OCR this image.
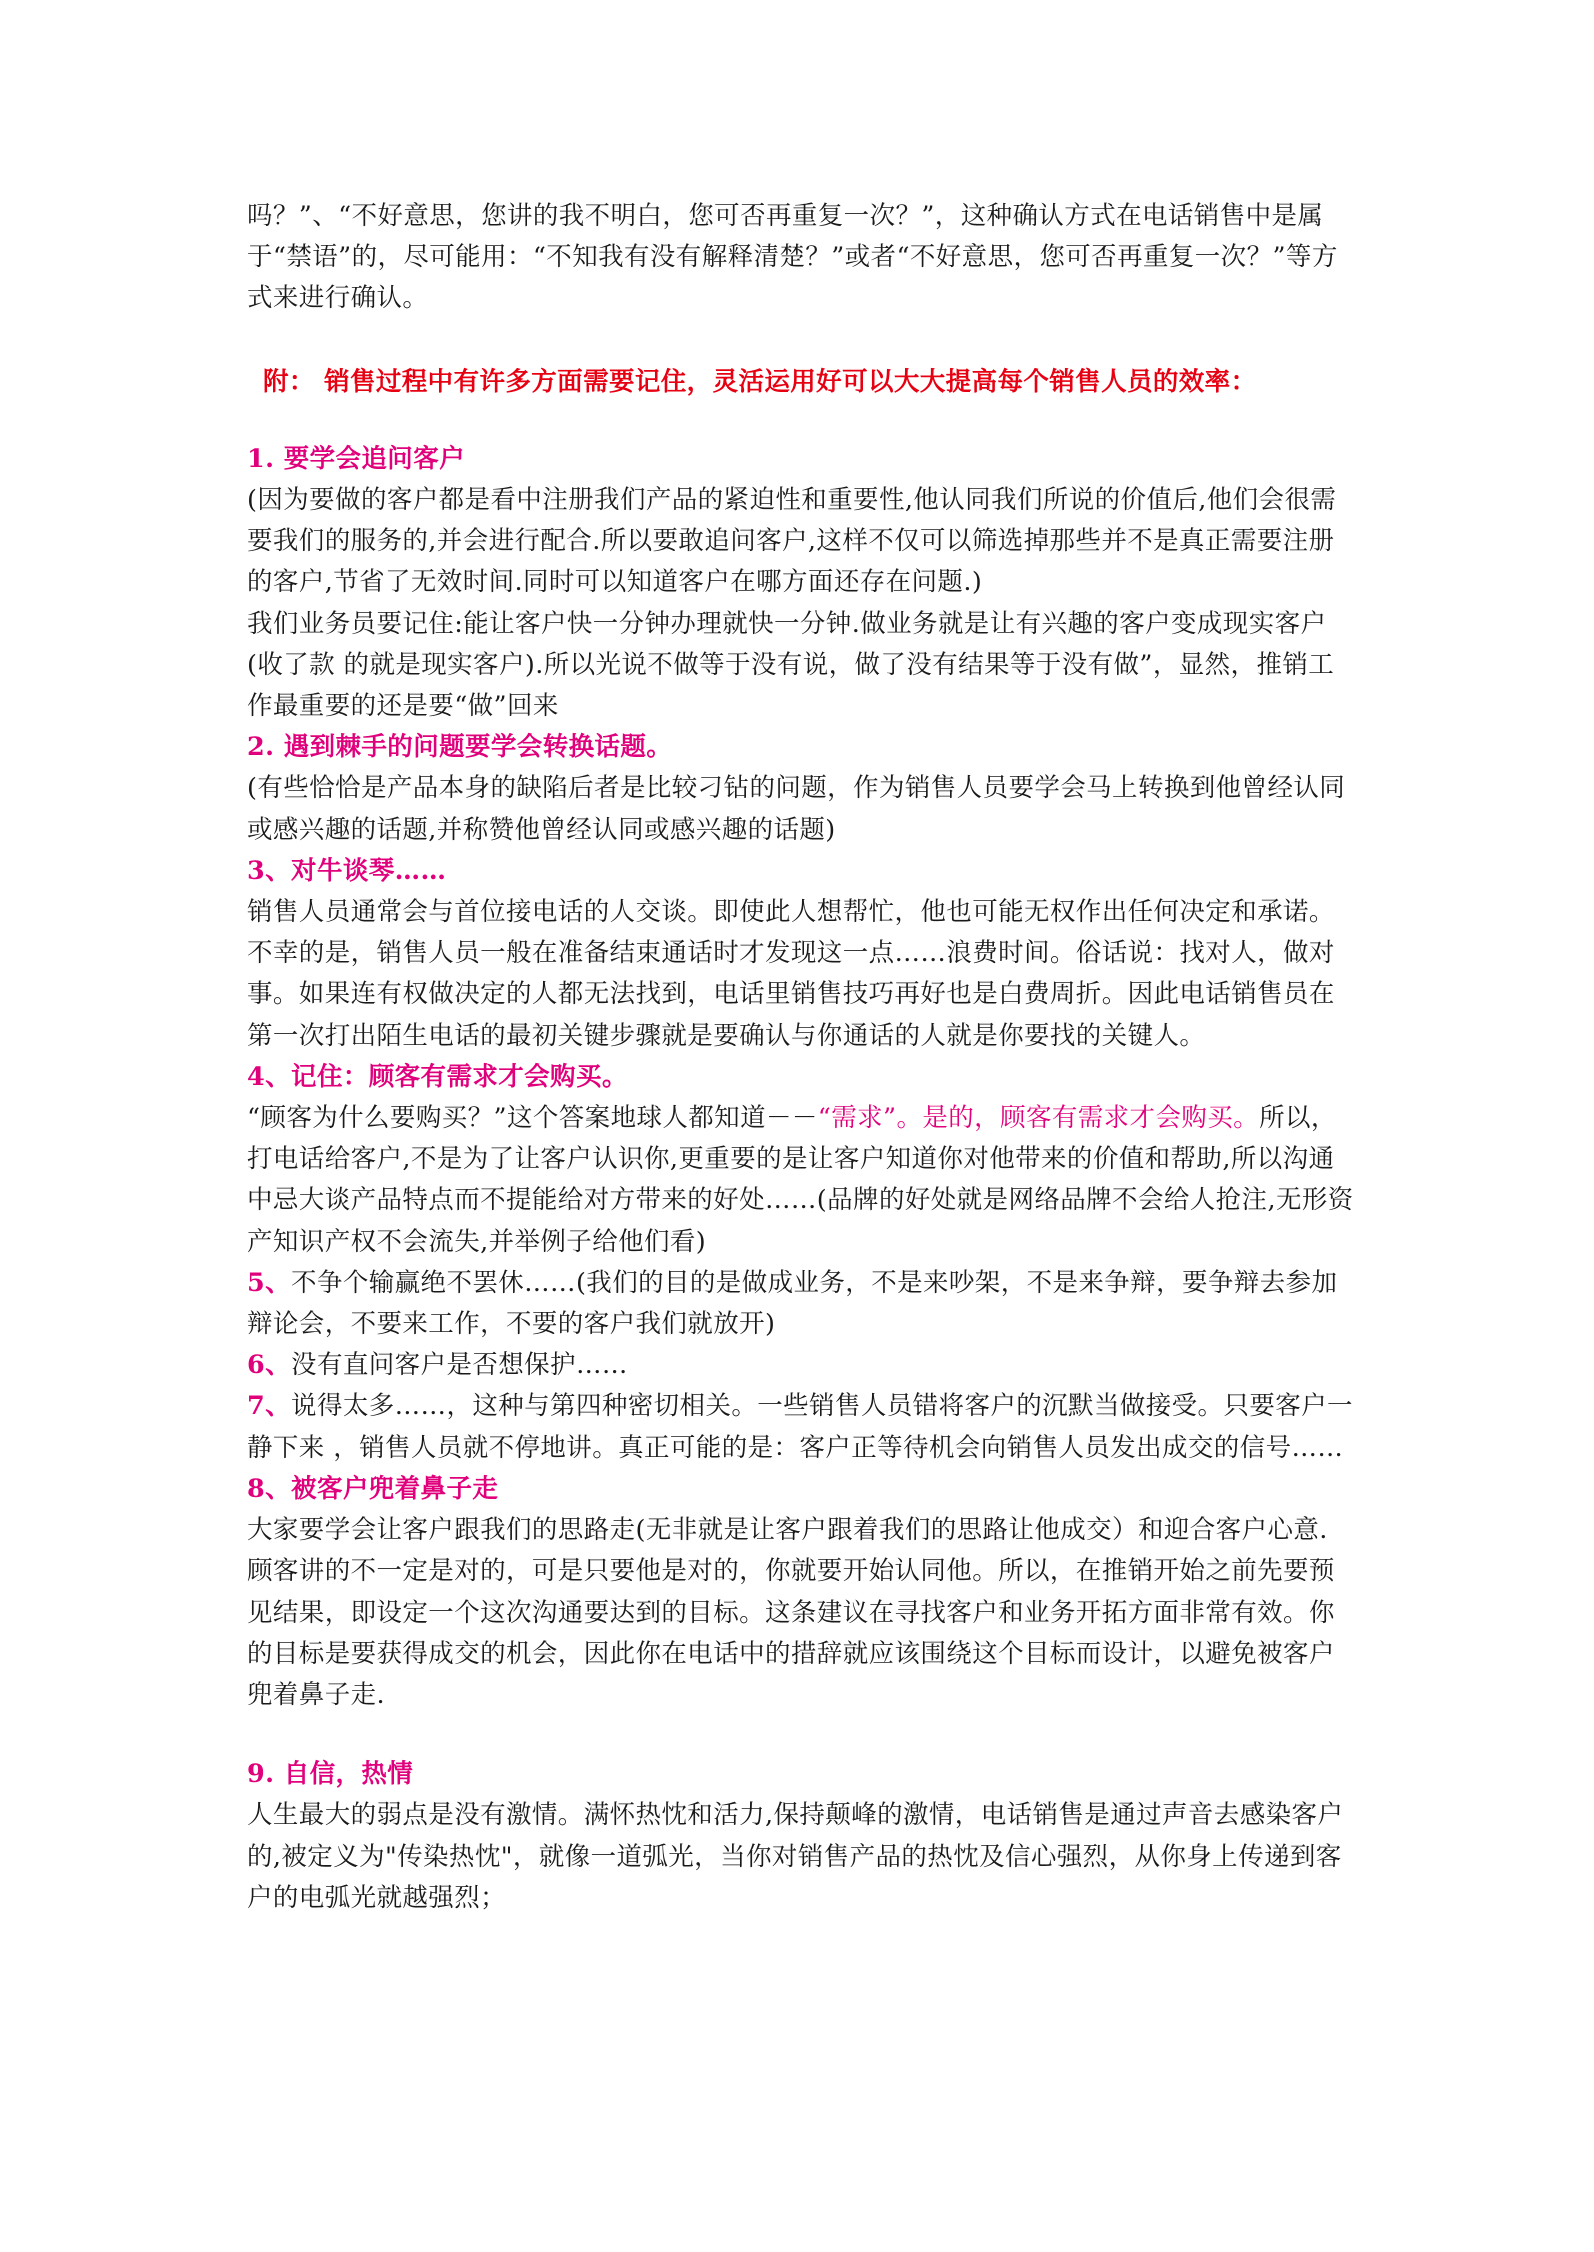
吗？”、“不好意思，您讲的我不明白，您可否再重复一次？”，这种确认方式在电话销售中是属于“禁语”的，尽可能用：“不知我有没有解释清楚？”或者“不好意思，您可否再重复一次？”等方式来进行确认。

附： 销售过程中有许多方面需要记住，灵活运用好可以大大提高每个销售人员的效率：

1. 要学会追问客户

(因为要做的客户都是看中注册我们产品的紧迫性和重要性,他认同我们所说的价值后,他们会很需要我们的服务的,并会进行配合.所以要敢追问客户,这样不仅可以筛选掉那些并不是真正需要注册的客户,节省了无效时间.同时可以知道客户在哪方面还存在问题.)

我们业务员要记住:能让客户快一分钟办理就快一分钟.做业务就是让有兴趣的客户变成现实客户(收了款 的就是现实客户).所以光说不做等于没有说，做了没有结果等于没有做”，显然，推销工作最重要的还是要“做”回来

2. 遇到棘手的问题要学会转换话题。

(有些恰恰是产品本身的缺陷后者是比较刁钻的问题，作为销售人员要学会马上转换到他曾经认同或感兴趣的话题,并称赞他曾经认同或感兴趣的话题)

3、对牛谈琴……

销售人员通常会与首位接电话的人交谈。即使此人想帮忙，他也可能无权作出任何决定和承诺。不幸的是，销售人员一般在准备结束通话时才发现这一点……浪费时间。俗话说：找对人，做对事。如果连有权做决定的人都无法找到，电话里销售技巧再好也是白费周折。因此电话销售员在第一次打出陌生电话的最初关键步骤就是要确认与你通话的人就是你要找的关键人。

4、记住：顾客有需求才会购买。

“顾客为什么要购买？”这个答案地球人都知道－－“需求”。是的，顾客有需求才会购买。所以，打电话给客户,不是为了让客户认识你,更重要的是让客户知道你对他带来的价值和帮助,所以沟通中忌大谈产品特点而不提能给对方带来的好处……(品牌的好处就是网络品牌不会给人抢注,无形资产知识产权不会流失,并举例子给他们看)

5、不争个输赢绝不罢休……(我们的目的是做成业务，不是来吵架，不是来争辩，要争辩去参加辩论会，不要来工作，不要的客户我们就放开)

6、没有直问客户是否想保护……

7、说得太多……，这种与第四种密切相关。一些销售人员错将客户的沉默当做接受。只要客户一静下来 ，销售人员就不停地讲。真正可能的是：客户正等待机会向销售人员发出成交的信号……

8、被客户兜着鼻子走

大家要学会让客户跟我们的思路走(无非就是让客户跟着我们的思路让他成交）和迎合客户心意. 顾客讲的不一定是对的，可是只要他是对的，你就要开始认同他。所以，在推销开始之前先要预见结果，即设定一个这次沟通要达到的目标。这条建议在寻找客户和业务开拓方面非常有效。你的目标是要获得成交的机会，因此你在电话中的措辞就应该围绕这个目标而设计，以避免被客户兜着鼻子走.

9. 自信，热情

人生最大的弱点是没有激情。满怀热忱和活力,保持颠峰的激情，电话销售是通过声音去感染客户的,被定义为"传染热忱"，就像一道弧光，当你对销售产品的热忱及信心强烈，从你身上传递到客户的电弧光就越强烈；
